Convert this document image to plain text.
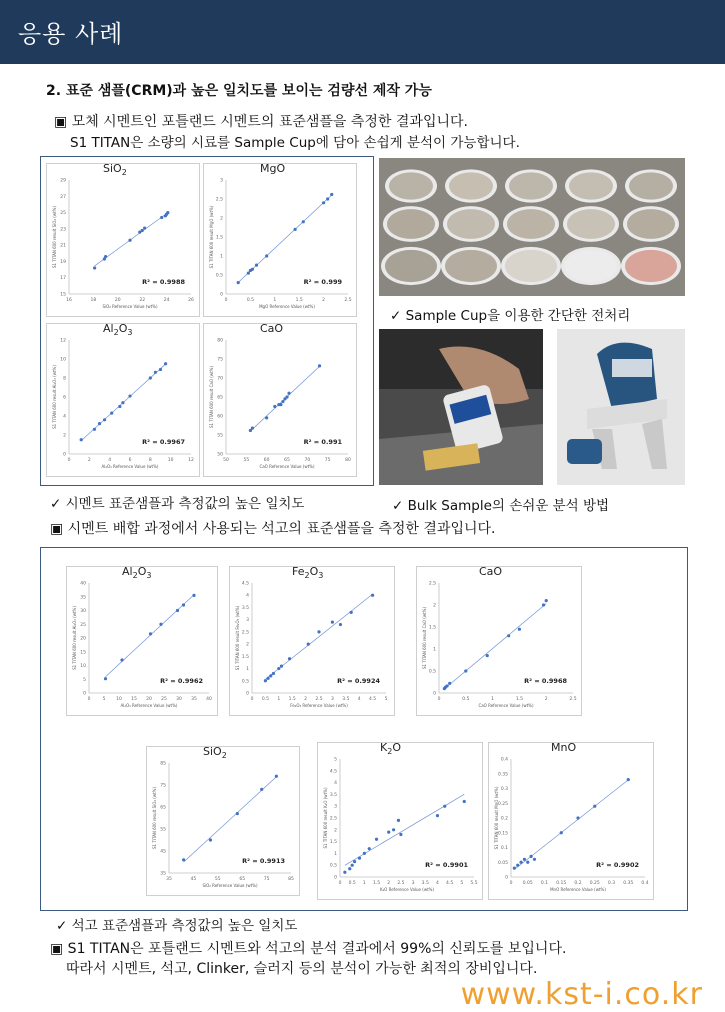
응용 사례
2. 표준 샘플(CRM)과 높은 일치도를 보이는 검량선 제작 가능
▣ 모체 시멘트인 포틀랜드 시멘트의 표준샘플을 측정한 결과입니다.
S1 TITAN은 소량의 시료를 Sample Cup에 담아 손쉽게 분석이 가능합니다.
SiO$_2$
16	18	20	22	24	26
15
17
19
21
23
25
27
29
SiO₂ Reference Value (wt%)
S1 TITAN 600 result SiO₂ (wt%)
R² = 0.9988
MgO
0	0.5	1	1.5	2	2.5
0
0.5
1
1.5
2
2.5
3
MgO Reference Value (wt%)
S1 TITAN 600 result MgO (wt%)
R² = 0.999
$Al_2O_3$
0	2	4	6	8	10	12
0
2
4
6
8
10
12
Al₂O₃ Reference Value (wt%)
S1 TITAN 600 result Al₂O₃ (wt%)
R² = 0.9967
CaO
50	55	60	65	70	75	80
50
55
60
65
70
75
80
CaO Reference Value (wt%)
S1 TITAN 600 result CaO (wt%)
R² = 0.991
✓ Sample Cup을 이용한 간단한 전처리
✓ 시멘트 표준샘플과 측정값의 높은 일치도	✓ Bulk Sample의 손쉬운 분석 방법
▣ 시멘트 배합 과정에서 사용되는 석고의 표준샘플을 측정한 결과입니다.
$Al_2O_3$
0	5 10 15 20 25 30 35 40
0
5
10
15
20
25
30
35
40
Al₂O₃ Reference Value (wt%)
S1 TITAN 600 result Al₂O₃ (wt%)
R² = 0.9962
$Fe_2O_3$
0 0.5 1 1.5 2 2.5 3 3.5 4 4.5 5
0
0.5
1
1.5
2
2.5
3
3.5
4
4.5
Fe₂O₃ Reference Value (wt%)
S1 TITAN 600 result Fe₂O₃ (wt%)
R² = 0.9924
CaO
0	0.5	1	1.5	2	2.5
0
0.5
1
1.5
2
2.5
CaO Reference Value (wt%)
S1 TITAN 600 result CaO (wt%)
R² = 0.9968
SiO$_2$
35	45	55	65	75	85
35
45
55
65
75
85
SiO₂ Reference Value (wt%)
S1 TITAN 600 result SiO₂ (wt%)
R² = 0.9913
$K_2O$
0 0.5 1 1.5 2 2.5 3 3.5 4 4.5 5 5.5
0
0.5
1
1.5
2
2.5
3
3.5
4
4.5
5
K₂O Reference Value (wt%)
S1 TITAN 600 result K₂O (wt%)
R² = 0.9901
MnO
0 0.05 0.1 0.15 0.2 0.25 0.3 0.35 0.4
0
0.05
0.1
0.15
0.2
0.25
0.3
0.35
0.4
MnO Reference Value (wt%)
S1 TITAN 600 result MnO (wt%)
R² = 0.9902
✓ 석고 표준샘플과 측정값의 높은 일치도
▣ S1 TITAN은 포틀랜드 시멘트와 석고의 분석 결과에서 99%의 신뢰도를 보입니다.
따라서 시멘트, 석고, Clinker, 슬러지 등의 분석이 가능한 최적의 장비입니다.
www.kst-i.co.kr
